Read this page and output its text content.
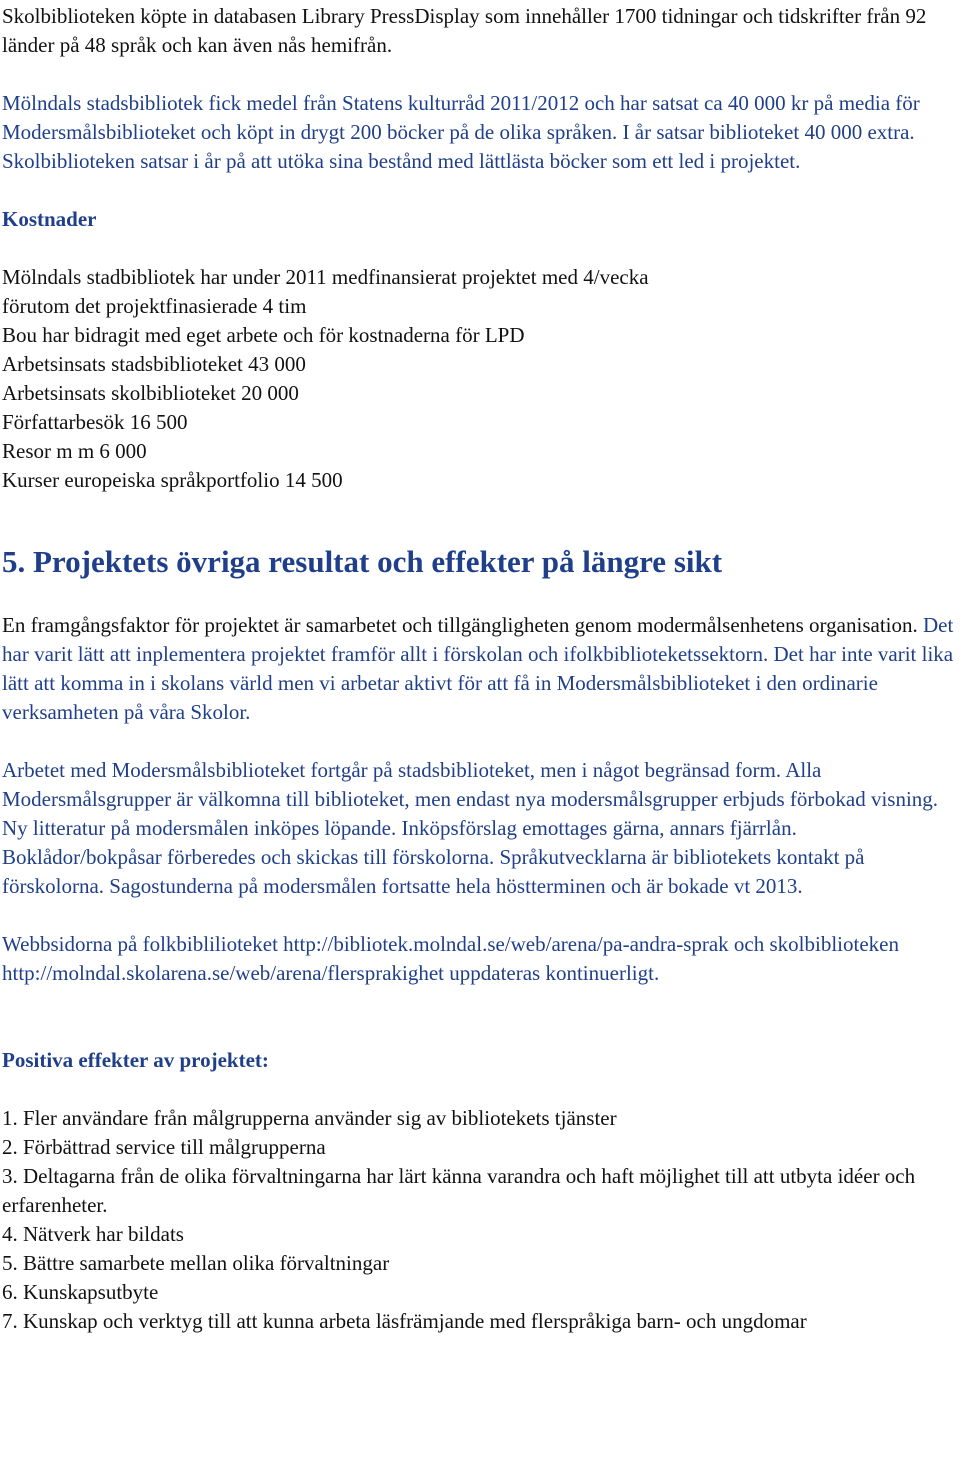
Skolbiblioteken köpte in databasen Library PressDisplay som innehåller 1700 tidningar och tidskrifter från 92 länder på 48 språk och kan även nås hemifrån.

Mölndals stadsbibliotek fick medel från Statens kulturråd 2011/2012 och har satsat ca 40 000 kr på media för Modersmålsbiblioteket och köpt in drygt 200 böcker på de olika språken. I år satsar biblioteket 40 000 extra. Skolbiblioteken satsar i år på att utöka sina bestånd med lättlästa böcker som ett led i projektet.

Kostnader

Mölndals stadbibliotek har under 2011 medfinansierat projektet med 4/vecka
förutom det projektfinasierade 4 tim
Bou har bidragit med eget arbete och för kostnaderna för LPD
Arbetsinsats stadsbiblioteket 43 000
Arbetsinsats skolbiblioteket 20 000
Författarbesök 16 500
Resor m m 6 000
Kurser europeiska språkportfolio 14 500
5. Projektets övriga resultat och effekter på längre sikt

En framgångsfaktor för projektet är samarbetet och tillgängligheten genom modermålsenhetens organisation. Det har varit lätt att inplementera projektet framför allt i förskolan och ifolkbiblioteketssektorn. Det har inte varit lika lätt att komma in i skolans värld men vi arbetar aktivt för att få in Modersmålsbiblioteket i den ordinarie verksamheten på våra Skolor.

Arbetet med Modersmålsbiblioteket fortgår på stadsbiblioteket, men i något begränsad form. Alla Modersmålsgrupper är välkomna till biblioteket, men endast nya modersmålsgrupper erbjuds förbokad visning. Ny litteratur på modersmålen inköpes löpande. Inköpsförslag emottages gärna, annars fjärrlån. Boklådor/bokpåsar förberedes och skickas till förskolorna. Språkutvecklarna är bibliotekets kontakt på förskolorna. Sagostunderna på modersmålen fortsatte hela höstterminen och är bokade vt 2013.

Webbsidorna på folkbiblilioteket http://bibliotek.molndal.se/web/arena/pa-andra-sprak och skolbiblioteken http://molndal.skolarena.se/web/arena/flersprakighet uppdateras kontinuerligt.

Positiva effekter av projektet:

1. Fler användare från målgrupperna använder sig av bibliotekets tjänster
2. Förbättrad service till målgrupperna
3. Deltagarna från de olika förvaltningarna har lärt känna varandra och haft möjlighet till att utbyta idéer och erfarenheter.
4. Nätverk har bildats
5. Bättre samarbete mellan olika förvaltningar
6. Kunskapsutbyte
7. Kunskap och verktyg till att kunna arbeta läsfrämjande med flerspråkiga barn- och ungdomar
